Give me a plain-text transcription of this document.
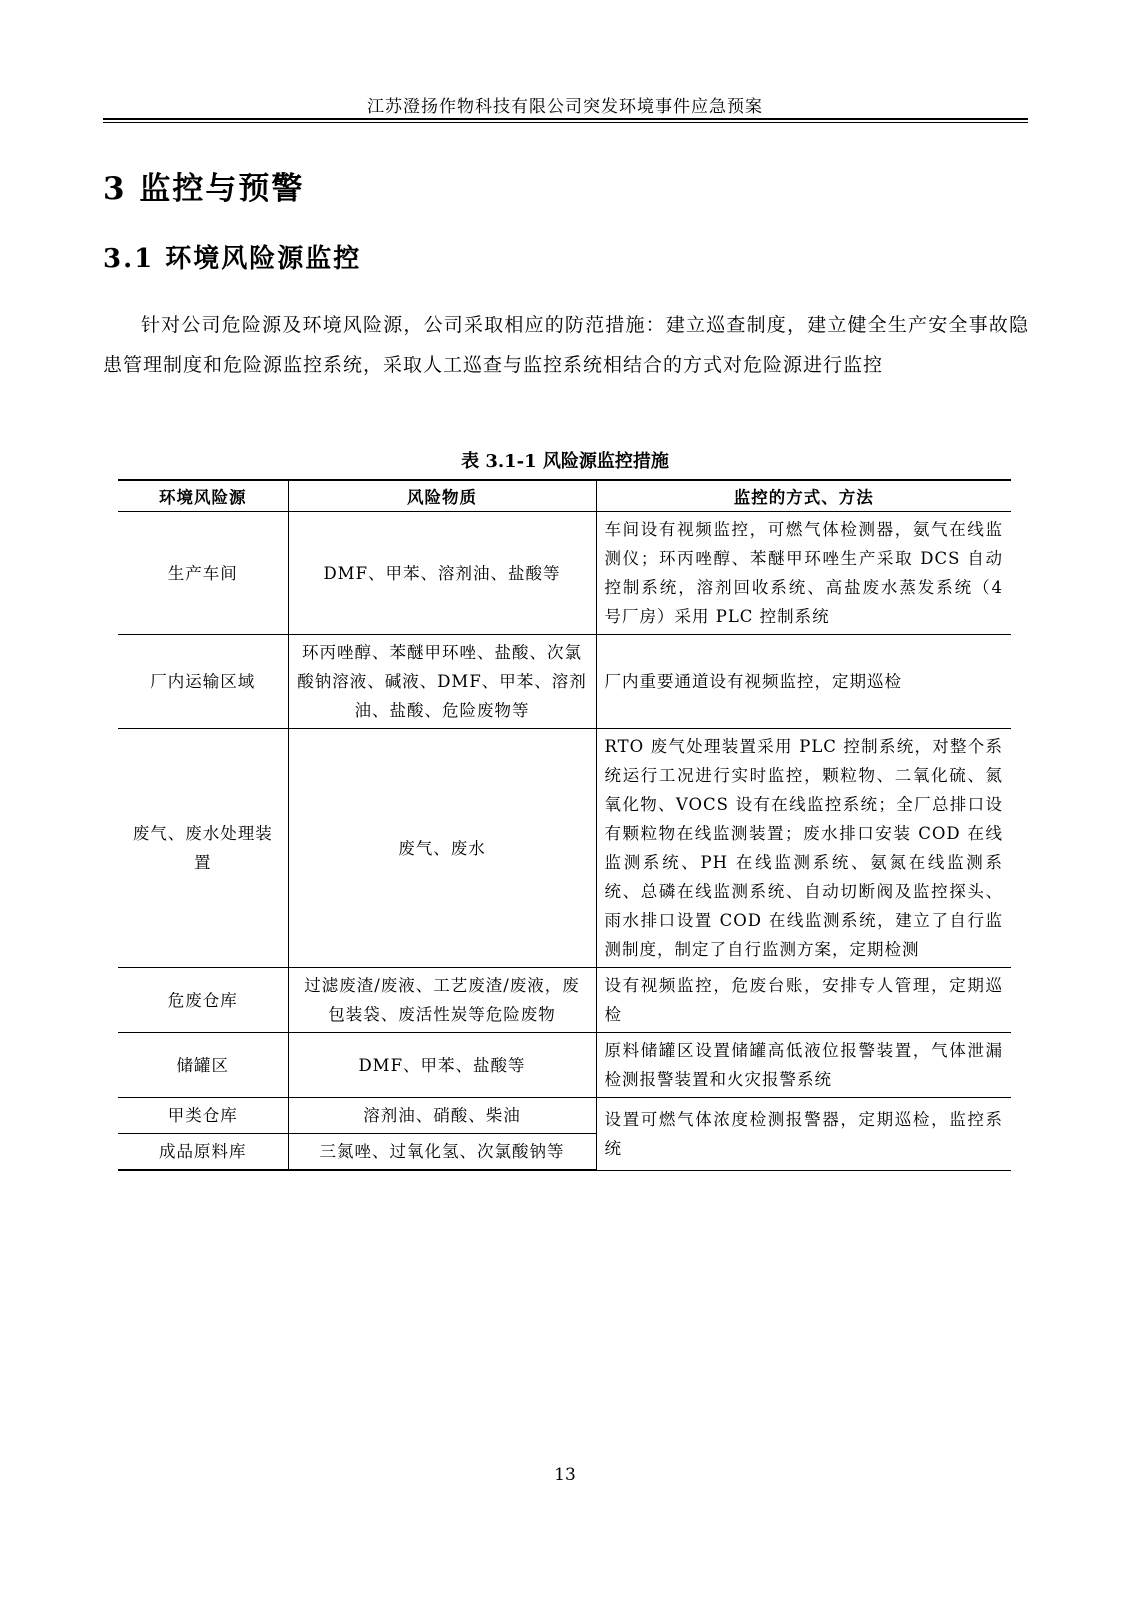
江苏澄扬作物科技有限公司突发环境事件应急预案
3 监控与预警
3.1 环境风险源监控
针对公司危险源及环境风险源，公司采取相应的防范措施：建立巡查制度，建立健全生产安全事故隐患管理制度和危险源监控系统，采取人工巡查与监控系统相结合的方式对危险源进行监控
表 3.1-1 风险源监控措施
环境风险源	风险物质	监控的方式、方法
生产车间	DMF、甲苯、溶剂油、盐酸等	车间设有视频监控，可燃气体检测器，氨气在线监测仪；环丙唑醇、苯醚甲环唑生产采取 DCS 自动控制系统，溶剂回收系统、高盐废水蒸发系统（4 号厂房）采用 PLC 控制系统
厂内运输区域	环丙唑醇、苯醚甲环唑、盐酸、次氯酸钠溶液、碱液、DMF、甲苯、溶剂油、盐酸、危险废物等	厂内重要通道设有视频监控，定期巡检
废气、废水处理装置	废气、废水	RTO 废气处理装置采用 PLC 控制系统，对整个系统运行工况进行实时监控，颗粒物、二氧化硫、氮氧化物、VOCS 设有在线监控系统；全厂总排口设有颗粒物在线监测装置；废水排口安装 COD 在线监测系统、PH 在线监测系统、氨氮在线监测系统、总磷在线监测系统、自动切断阀及监控探头、雨水排口设置 COD 在线监测系统，建立了自行监测制度，制定了自行监测方案，定期检测
危废仓库	过滤废渣/废液、工艺废渣/废液，废包装袋、废活性炭等危险废物	设有视频监控，危废台账，安排专人管理，定期巡检
储罐区	DMF、甲苯、盐酸等	原料储罐区设置储罐高低液位报警装置，气体泄漏检测报警装置和火灾报警系统
甲类仓库	溶剂油、硝酸、柴油	设置可燃气体浓度检测报警器，定期巡检，监控系统
成品原料库	三氮唑、过氧化氢、次氯酸钠等	
13
